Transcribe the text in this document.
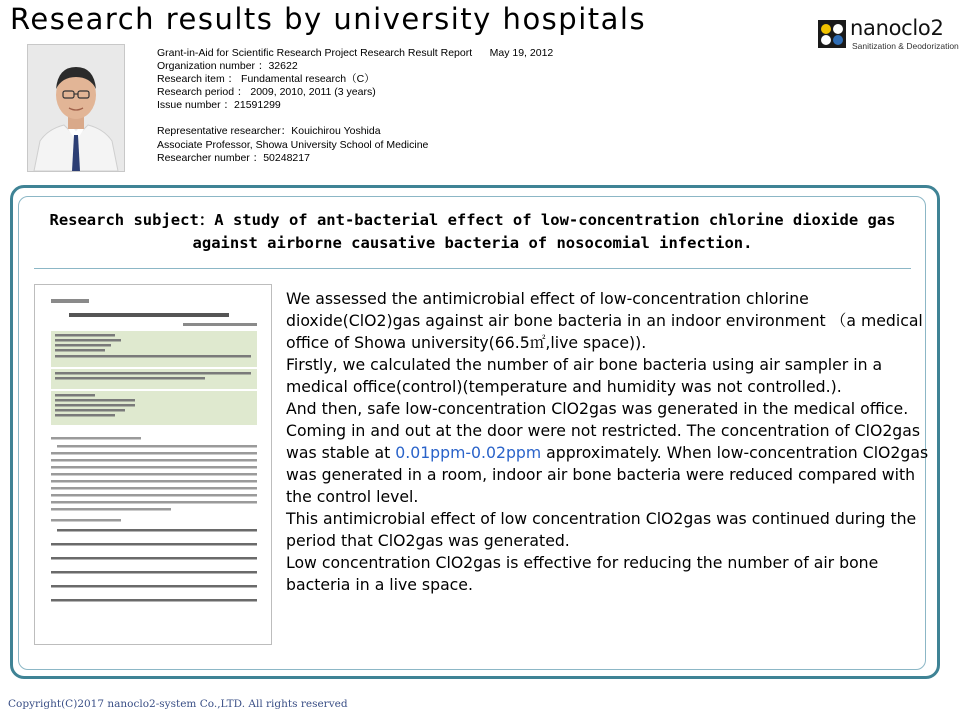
Research results by university hospitals	nanoclo2
Sanitization & Deodorization
Grant-in-Aid for Scientific Research Project Research Result Report      May 19, 2012
Organization number ：32622
Research item ： Fundamental research（C）
Research period ： 2009, 2010, 2011 (3 years)
Issue number ：21591299
Representative researcher：Kouichirou Yoshida
Associate Professor, Showa University School of Medicine
Researcher number ：50248217
Research subject：A study of ant-bacterial effect of low-concentration chlorine dioxide gas
against airborne causative bacteria of nosocomial infection.

We assessed the antimicrobial effect of low-concentration chlorine dioxide(ClO2)gas against air bone bacteria in an indoor environment （a medical office of Showa university(66.5㎡,live space)).

Firstly, we calculated the number of air bone bacteria using air sampler in a medical office(control)(temperature and humidity was not controlled.).

And then, safe low-concentration ClO2gas was generated in the medical office.

Coming in and out at the door were not restricted. The concentration of ClO2gas was stable at 0.01ppm-0.02ppm approximately. When low-concentration ClO2gas was generated in a room, indoor air bone bacteria were reduced compared with the control level.

This antimicrobial effect of low concentration ClO2gas was continued during the period that ClO2gas was generated.

Low concentration ClO2gas is effective for reducing the number of air bone bacteria in a live space.

Copyright(C)2017 nanoclo2-system Co.,LTD. All rights reserved
